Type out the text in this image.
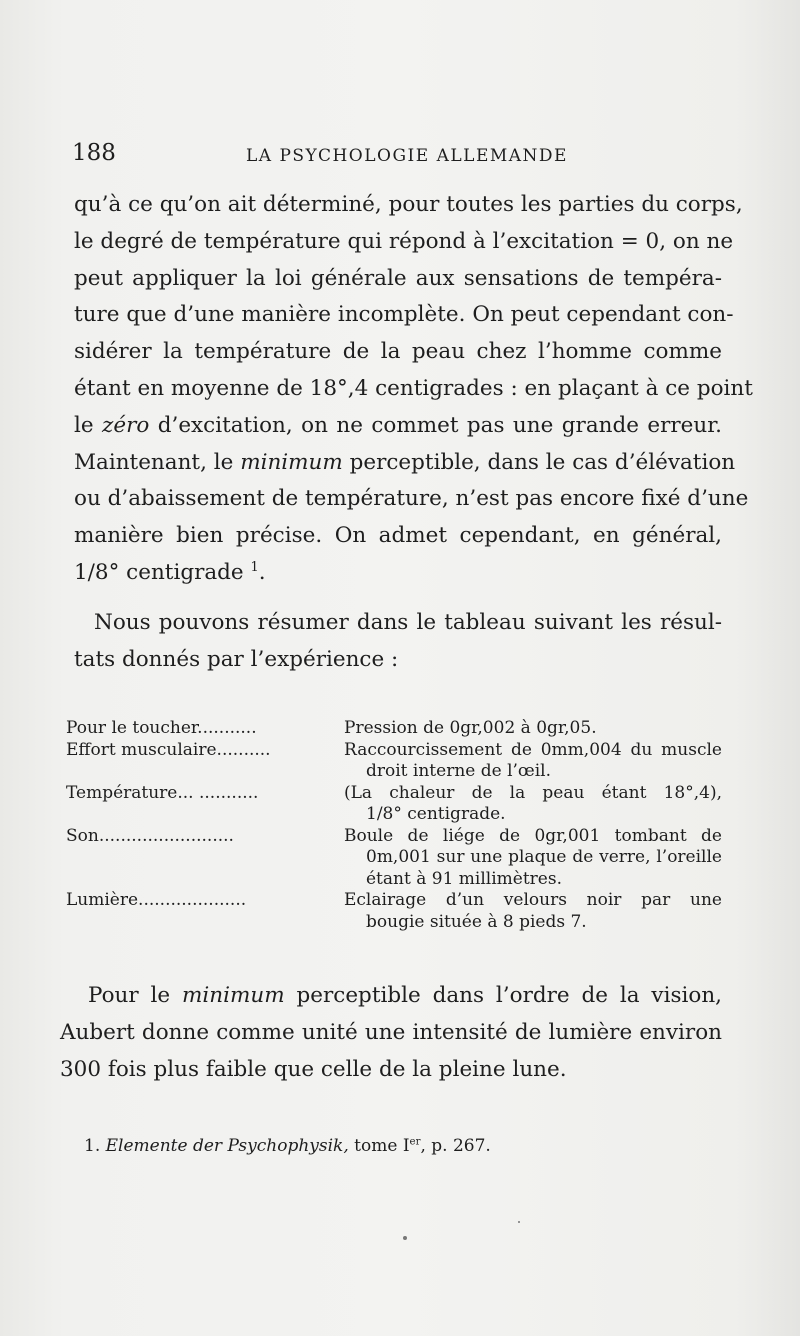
188	LA PSYCHOLOGIE ALLEMANDE
qu’à ce qu’on ait déterminé, pour toutes les parties du corps,
le degré de température qui répond à l’excitation = 0, on ne
peut appliquer la loi générale aux sensations de tempéra-
ture que d’une manière incomplète. On peut cependant con-
sidérer la température de la peau chez l’homme comme
étant en moyenne de 18°,4 centigrades : en plaçant à ce point
le zéro d’excitation, on ne commet pas une grande erreur.
Maintenant, le minimum perceptible, dans le cas d’élévation
ou d’abaissement de température, n’est pas encore fixé d’une
manière bien précise. On admet cependant, en général,
1/8° centigrade $^1$.
Nous pouvons résumer dans le tableau suivant les résul-
tats donnés par l’expérience :
Pour le toucher...........	Pression de 0gr,002 à 0gr,05.
Effort musculaire..........	Raccourcissement de 0mm,004 du muscle
droit interne de l’œil.
Température... ...........	(La chaleur de la peau étant 18°,4),
1/8° centigrade.
Son.........................	Boule de liége de 0gr,001 tombant de
0m,001 sur une plaque de verre, l’oreille
étant à 91 millimètres.
Lumière....................	Eclairage d’un velours noir par une
bougie située à 8 pieds 7.
Pour le minimum perceptible dans l’ordre de la vision,
Aubert donne comme unité une intensité de lumière environ
300 fois plus faible que celle de la pleine lune.
1. Elemente der Psychophysik, tome Ier, p. 267.
